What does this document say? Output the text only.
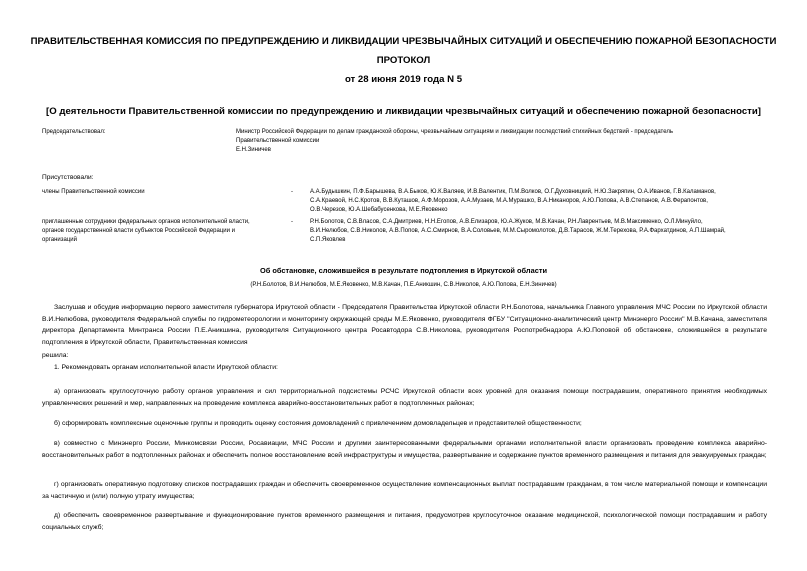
ПРАВИТЕЛЬСТВЕННАЯ КОМИССИЯ ПО ПРЕДУПРЕЖДЕНИЮ И ЛИКВИДАЦИИ ЧРЕЗВЫЧАЙНЫХ СИТУАЦИЙ И ОБЕСПЕЧЕНИЮ ПОЖАРНОЙ БЕЗОПАСНОСТИ
ПРОТОКОЛ
от 28 июня 2019 года N 5
[О деятельности Правительственной комиссии по предупреждению и ликвидации чрезвычайных ситуаций и обеспечению пожарной безопасности]
Председательствовал:	Министр Российской Федерации по делам гражданской обороны, чрезвычайным ситуациям и ликвидации последствий стихийных бедствий - председатель
Правительственной комиссии
Е.Н.Зиничев
Присутствовали:
члены Правительственной комиссии	-	А.А.Будышкин, П.Ф.Барышева, В.А.Быков, Ю.К.Валяев, И.В.Валентик, П.М.Волков, О.Г.Духовницкий, Н.Ю.Закряпин, О.А.Иванов, Г.В.Каламанов,
С.А.Краевой, Н.С.Кротов, В.В.Куташов, А.Ф.Морозов, А.А.Музаев, М.А.Мурашко, В.А.Никаноров, А.Ю.Попова, А.В.Степанов, А.В.Ферапонтов,
О.В.Черезов, Ю.А.Шебабусенкова, М.Е.Яковенко
приглашенные сотрудники федеральных органов исполнительной власти,
органов государственной власти субъектов Российской Федерации и
организаций
-	Р.Н.Болотов, С.В.Власов, С.А.Дмитриев, Н.Н.Егопов, А.В.Елизаров, Ю.А.Жуков, М.В.Качан, Р.Н.Лаврентьев, М.В.Максименко, О.Л.Минуйло,
В.И.Нелюбов, С.В.Николов, А.В.Попов, А.С.Смирнов, В.А.Соловьев, М.М.Сыромолотов, Д.В.Тарасов, Ж.М.Терехова, Р.А.Фархатдинов, А.П.Шамрай,
С.П.Яковлев
Об обстановке, сложившейся в результате подтопления в Иркутской области
(Р.Н.Болотов, В.И.Нелюбов, М.Е.Яковенко, М.В.Качан, П.Е.Аникшин, С.В.Николов, А.Ю.Попова, Е.Н.Зиничев)
Заслушав и обсудив информацию первого заместителя губернатора Иркутской области - Председателя Правительства Иркутской области Р.Н.Болотова, начальника Главного управления МЧС России по Иркутской области В.И.Нелюбова, руководителя Федеральной службы по гидрометеорологии и мониторингу окружающей среды М.Е.Яковенко, руководителя ФГБУ "Ситуационно-аналитический центр Минэнерго России" М.В.Качана, заместителя директора Департамента Минтранса России П.Е.Аникшина, руководителя Ситуационного центра Росавтодора С.В.Николова, руководителя Роспотребнадзора А.Ю.Поповой об обстановке, сложившейся в результате подтопления в Иркутской области, Правительственная комиссия
решила:
1. Рекомендовать органам исполнительной власти Иркутской области:
а) организовать круглосуточную работу органов управления и сил территориальной подсистемы РСЧС Иркутской области всех уровней для оказания помощи пострадавшим, оперативного принятия необходимых управленческих решений и мер, направленных на проведение комплекса аварийно-восстановительных работ в подтопленных районах;
б) сформировать комплексные оценочные группы и проводить оценку состояния домовладений с привлечением домовладельцев и представителей общественности;
в) совместно с Минэнерго России, Минкомсвязи России, Росавиации, МЧС России и другими заинтересованными федеральными органами исполнительной власти организовать проведение комплекса аварийно-восстановительных работ в подтопленных районах и обеспечить полное восстановление всей инфраструктуры и имущества, развертывание и содержание пунктов временного размещения и питания для эвакуируемых граждан;
г) организовать оперативную подготовку списков пострадавших граждан и обеспечить своевременное осуществление компенсационных выплат пострадавшим гражданам, в том числе материальной помощи и компенсации за частичную и (или) полную утрату имущества;
д) обеспечить своевременное развертывание и функционирование пунктов временного размещения и питания, предусмотрев круглосуточное оказание медицинской, психологической помощи пострадавшим и работу социальных служб;
